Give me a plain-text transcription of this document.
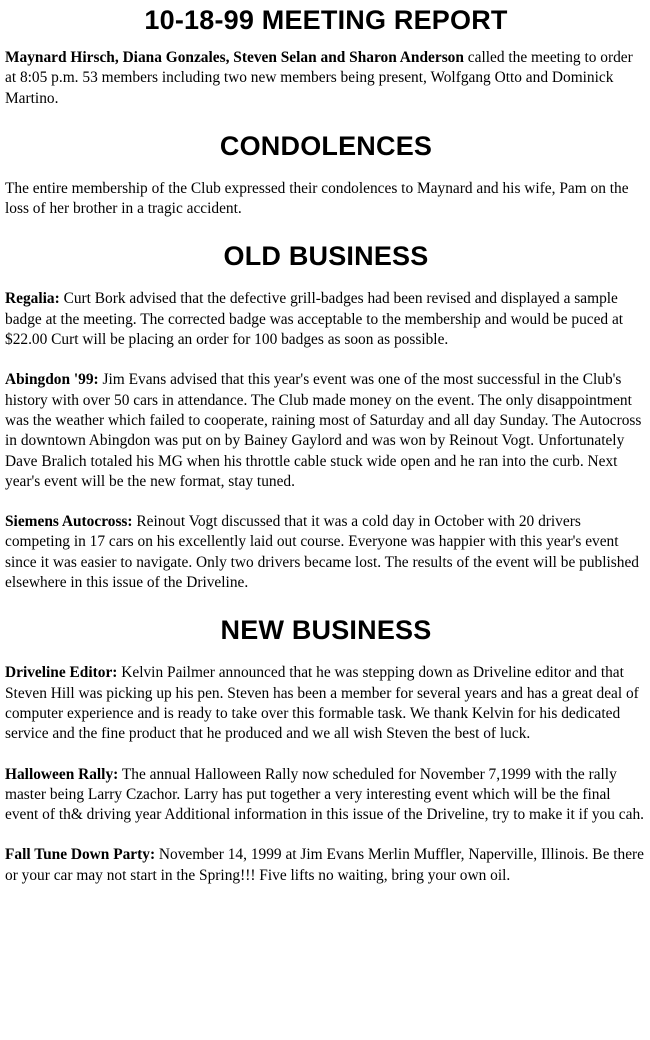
10-18-99 MEETING REPORT

Maynard Hirsch, Diana Gonzales, Steven Selan and Sharon Anderson called the meeting to order at 8:05 p.m. 53 members including two new members being present, Wolfgang Otto and Dominick Martino.

CONDOLENCES

The entire membership of the Club expressed their condolences to Maynard and his wife, Pam on the loss of her brother in a tragic accident.

OLD BUSINESS

Regalia: Curt Bork advised that the defective grill-badges had been revised and displayed a sample badge at the meeting. The corrected badge was acceptable to the membership and would be puced at $22.00 Curt will be placing an order for 100 badges as soon as possible.

Abingdon '99: Jim Evans advised that this year's event was one of the most successful in the Club's history with over 50 cars in attendance. The Club made money on the event. The only disappointment was the weather which failed to cooperate, raining most of Saturday and all day Sunday. The Autocross in downtown Abingdon was put on by Bainey Gaylord and was won by Reinout Vogt. Unfortunately Dave Bralich totaled his MG when his throttle cable stuck wide open and he ran into the curb. Next year's event will be the new format, stay tuned.

Siemens Autocross: Reinout Vogt discussed that it was a cold day in October with 20 drivers competing in 17 cars on his excellently laid out course. Everyone was happier with this year's event since it was easier to navigate. Only two drivers became lost. The results of the event will be published elsewhere in this issue of the Driveline.

NEW BUSINESS

Driveline Editor: Kelvin Pailmer announced that he was stepping down as Driveline editor and that Steven Hill was picking up his pen. Steven has been a member for several years and has a great deal of computer experience and is ready to take over this formable task. We thank Kelvin for his dedicated service and the fine product that he produced and we all wish Steven the best of luck.

Halloween Rally: The annual Halloween Rally now scheduled for November 7,1999 with the rally master being Larry Czachor. Larry has put together a very interesting event which will be the final event of th& driving year Additional information in this issue of the Driveline, try to make it if you cah.

Fall Tune Down Party: November 14, 1999 at Jim Evans Merlin Muffler, Naperville, Illinois. Be there or your car may not start in the Spring!!! Five lifts no waiting, bring your own oil.
